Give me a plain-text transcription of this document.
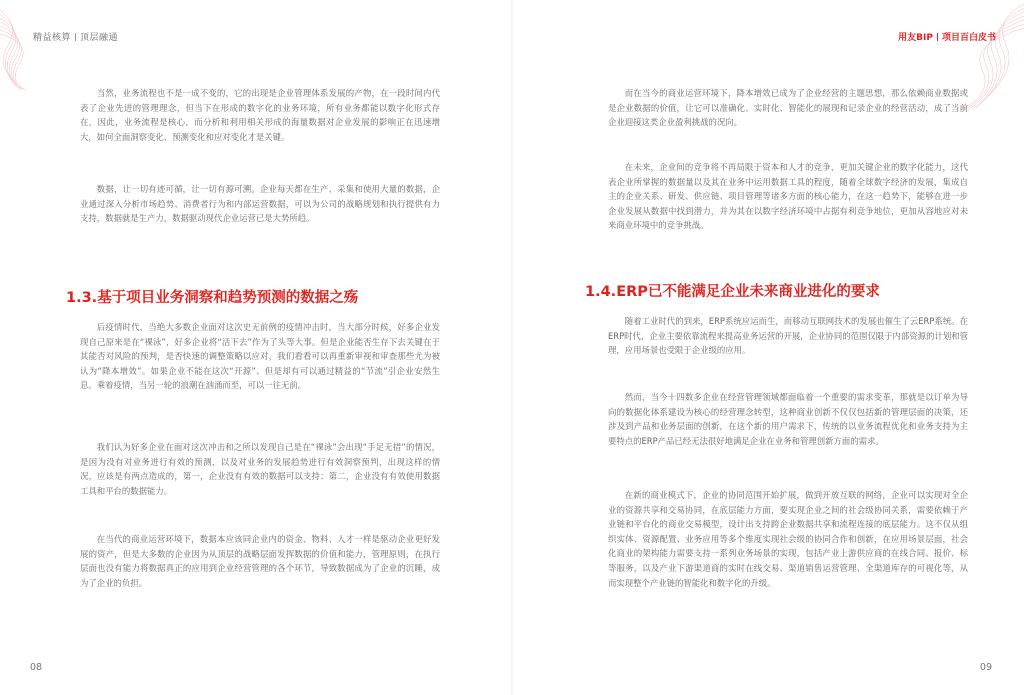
精益核算 顶层融通

当然，业务流程也不是一成不变的，它的出现是企业管理体系发展的产物，在一段时间内代表了企业先进的管理理念，但当下在形成的数字化的业务环境，所有业务都能以数字化形式存在，因此，业务流程是核心，而分析和利用相关形成的海量数据对企业发展的影响正在迅速增大，如何全面洞察变化、预测变化和应对变化才是关键。

数据，让一切有迹可循，让一切有源可溯。企业每天都在生产、采集和使用大量的数据，企业通过深入分析市场趋势、消费者行为和内部运营数据，可以为公司的战略规划和执行提供有力支持，数据就是生产力，数据驱动现代企业运营已是大势所趋。

1.3.基于项目业务洞察和趋势预测的数据之殇

后疫情时代，当绝大多数企业面对这次史无前例的疫情冲击时，当大部分时候，好多企业发现自己原来是在“裸泳”，好多企业将“活下去”作为了头等大事。但是企业能否生存下去关键在于其能否对风险的预判，是否快速的调整策略以应对，我们看看可以再重新审视和审查那些尤为被认为“降本增效”。如果企业不能在这次“开源”、但是却有可以通过精益的“节流”引企业安然生息。乘着疫情，当另一轮的浪潮在汹涌而至，可以一往无前。

我们认为好多企业在面对这次冲击和之所以发现自己是在“裸泳”会出现“手足无措”的情况，是因为没有对业务进行有效的预测，以及对业务的发展趋势进行有效洞察预判，出现这样的情况，应该是有两点造成的，第一，企业没有有效的数据可以支持；第二，企业没有有效使用数据工具和平台的数据能力。

在当代的商业运营环境下，数据本应该同企业内的资金、物料、人才一样是驱动企业更好发展的资产，但是大多数的企业因为从顶层的战略层面发挥数据的价值和能力，管理原则，在执行层面也没有能力将数据真正的应用到企业经营管理的各个环节，导致数据成为了企业的沉睡，成为了企业的负担。

08
用友BIP 项目百白皮书

而在当今的商业运营环境下，降本增效已成为了企业经营的主题思想，那么依赖商业数据或是企业数据的价值，让它可以准确化、实时化、智能化的展现和记录企业的经营活动，成了当前企业迎接这类企业盈利挑战的况向。

在未来，企业间的竞争将不再局限于资本和人才的竞争，更加关键企业的数字化能力，这代表企业所掌握的数据量以及其在业务中运用数据工具的程度，随着全球数字经济的发展，集成自主的企业关系、研发、供应链、项目管理等诸多方面的核心能力，在这一趋势下，能够在进一步企业发展从数据中找到潜力，并为其在以数字经济环境中占据有利竞争地位，更加从容地应对未来商业环境中的竞争挑战。

1.4.ERP已不能满足企业未来商业进化的要求

随着工业时代的到来，ERP系统应运而生，而移动互联网技术的发展也催生了云ERP系统。在ERP时代，企业主要依靠流程来提高业务运营的开展，企业协同的范围仅限于内部资源的计划和管理，应用场景也受限于企业级的应用。

然而，当今十四数多企业在经营管理领域都面临着一个重要的需求变革，那就是以订单为导向的数据化体系建设为核心的经营理念转型，这种商业创新不仅仅包括新的管理层面的决策，还涉及到产品和业务层面的创新，在这个新的用户需求下，传统的以业务流程优化和业务支持为主要特点的ERP产品已经无法很好地满足企业在业务和管理创新方面的需求。

在新的商业模式下，企业的协同范围开始扩展，做到开放互联的网络，企业可以实现对全企业的资源共享和交易协同，在底层能力方面，要实现企业之间的社会级协同关系，需要依赖于产业链和平台化的商业交易模型，设计出支持跨企业数据共享和流程连接的底层能力。这不仅从组织实体、资源配置、业务应用等多个维度实现社会级的协同合作和创新，在应用场景层面，社会化商业的架构能力需要支持一系列业务场景的实现，包括产业上游供应商的在线合同、报价、标等服务，以及产业下游渠道商的实时在线交易、渠道销售运营管理、全渠道库存的可视化等，从而实现整个产业链的智能化和数字化的升级。

09
